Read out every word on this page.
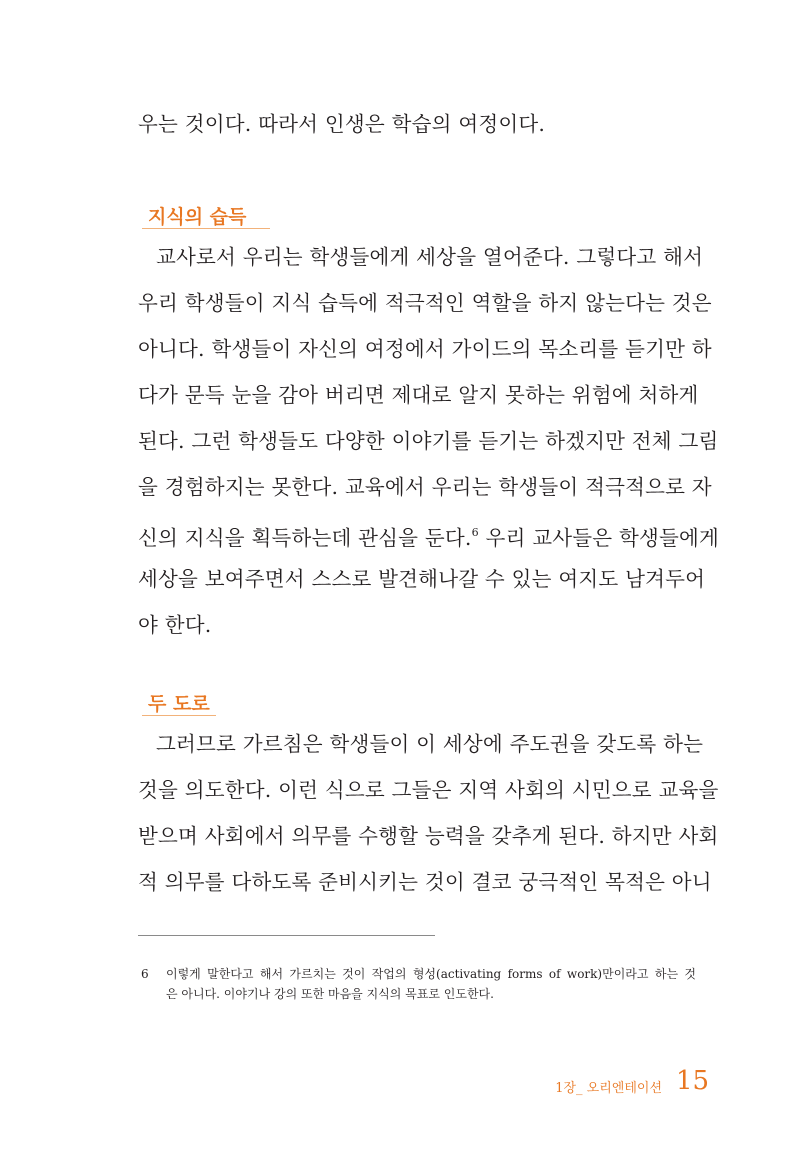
우는 것이다. 따라서 인생은 학습의 여정이다.
지식의 습득
교사로서 우리는 학생들에게 세상을 열어준다. 그렇다고 해서
우리 학생들이 지식 습득에 적극적인 역할을 하지 않는다는 것은
아니다. 학생들이 자신의 여정에서 가이드의 목소리를 듣기만 하
다가 문득 눈을 감아 버리면 제대로 알지 못하는 위험에 처하게
된다. 그런 학생들도 다양한 이야기를 듣기는 하겠지만 전체 그림
을 경험하지는 못한다. 교육에서 우리는 학생들이 적극적으로 자
신의 지식을 획득하는데 관심을 둔다.$^6$ 우리 교사들은 학생들에게
세상을 보여주면서 스스로 발견해나갈 수 있는 여지도 남겨두어
야 한다.
두 도로
그러므로 가르침은 학생들이 이 세상에 주도권을 갖도록 하는
것을 의도한다. 이런 식으로 그들은 지역 사회의 시민으로 교육을
받으며 사회에서 의무를 수행할 능력을 갖추게 된다. 하지만 사회
적 의무를 다하도록 준비시키는 것이 결코 궁극적인 목적은 아니
6 이렇게 말한다고 해서 가르치는 것이 작업의 형성(activating forms of work)만이라고 하는 것
은 아니다. 이야기나 강의 또한 마음을 지식의 목표로 인도한다.
1장_ 오리엔테이션 15
